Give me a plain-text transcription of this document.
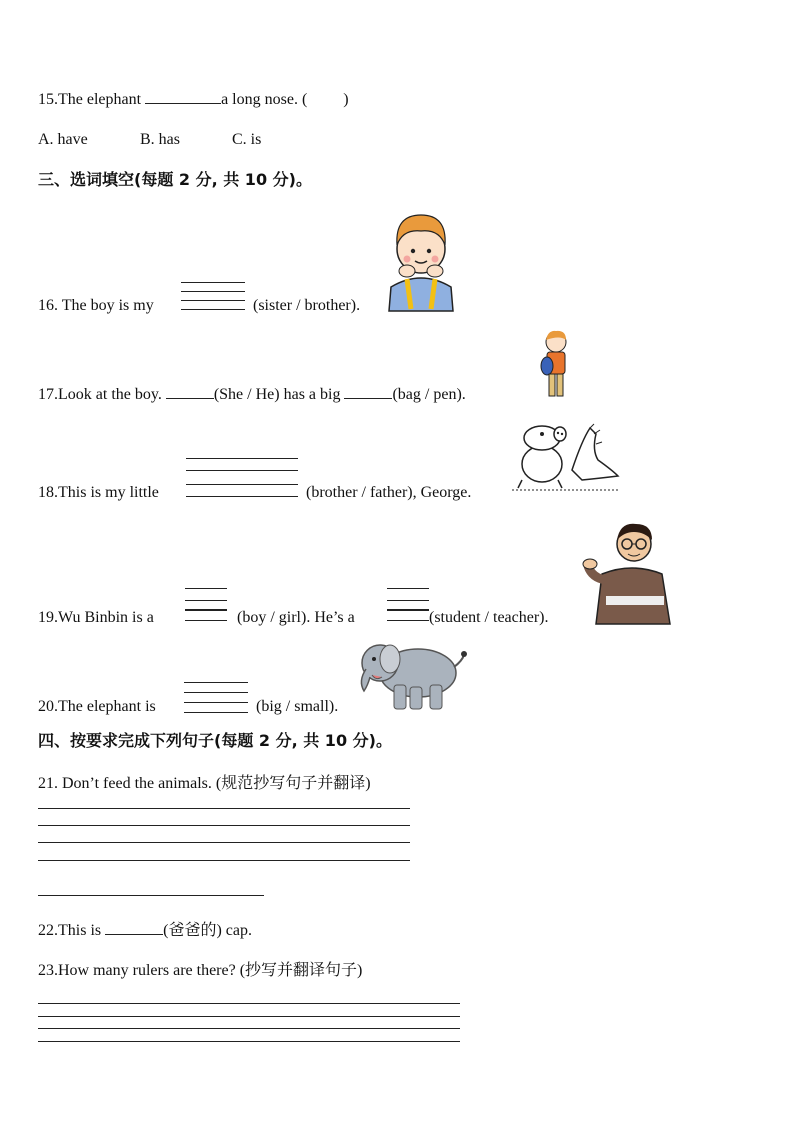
15.The elephant	a long nose. ( )
A. have	B. has	C. is
三、选词填空(每题 2 分, 共 10 分)。
16. The boy is my	(sister / brother).
17.Look at the boy.	(She / He) has a big	(bag / pen).
18.This is my little	(brother / father), George.
19.Wu Binbin is a	(boy / girl). He’s a	(student / teacher).
20.The elephant is	(big / small).
四、按要求完成下列句子(每题 2 分, 共 10 分)。
21. Don’t feed the animals. (规范抄写句子并翻译)
22.This is	(爸爸的) cap.
23.How many rulers are there? (抄写并翻译句子)
